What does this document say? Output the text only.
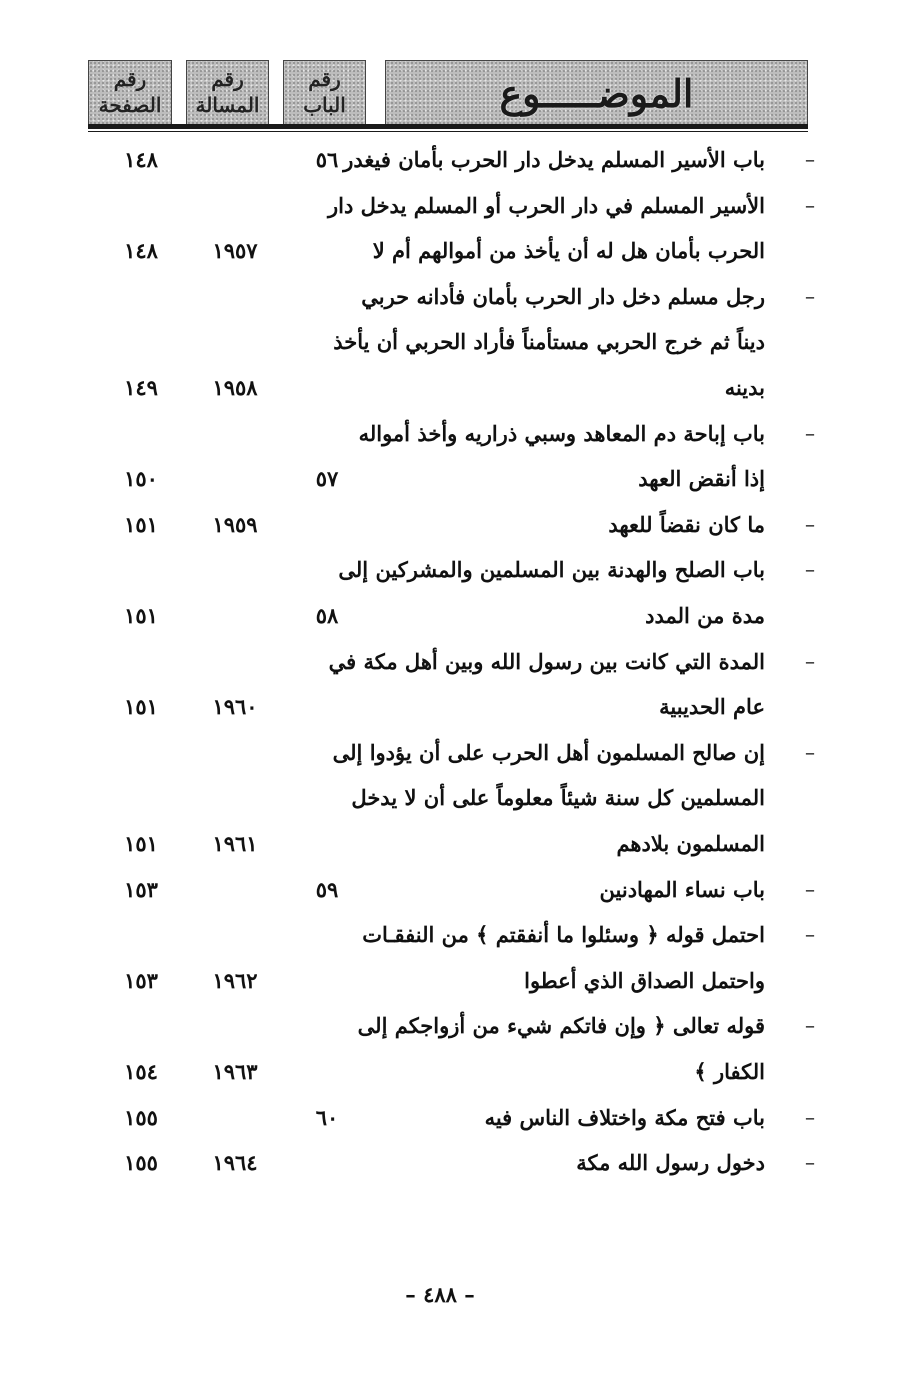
الموضـــــوع
رقم
الباب
رقم
المسالة
رقم
الصفحة
–
باب الأسير المسلم يدخل دار الحرب بأمان فيغدر
٥٦
١٤٨
–
الأسير المسلم في دار الحرب أو المسلم يدخل دار
الحرب بأمان هل له أن يأخذ من أموالهم أم لا
١٩٥٧
١٤٨
–
رجل مسلم دخل دار الحرب بأمان فأدانه حربي
ديناً ثم خرج الحربي مستأمناً فأراد الحربي أن يأخذ
بدينه
١٩٥٨
١٤٩
–
باب إباحة دم المعاهد وسبي ذراريه وأخذ أمواله
إذا أنقض العهد
٥٧
١٥٠
–
ما كان نقضاً للعهد
١٩٥٩
١٥١
–
باب الصلح والهدنة بين المسلمين والمشركين إلى
مدة من المدد
٥٨
١٥١
–
المدة التي كانت بين رسول الله وبين أهل مكة في
عام الحديبية
١٩٦٠
١٥١
–
إن صالح المسلمون أهل الحرب على أن يؤدوا إلى
المسلمين كل سنة شيئاً معلوماً على أن لا يدخل
المسلمون بلادهم
١٩٦١
١٥١
–
باب نساء المهادنين
٥٩
١٥٣
–
احتمل قوله ﴿ وسئلوا ما أنفقتم ﴾ من النفقـات
واحتمل الصداق الذي أعطوا
١٩٦٢
١٥٣
–
قوله تعالى ﴿ وإن فاتكم شيء من أزواجكم إلى
الكفار ﴾
١٩٦٣
١٥٤
–
باب فتح مكة واختلاف الناس فيه
٦٠
١٥٥
–
دخول رسول الله مكة
١٩٦٤
١٥٥
– ٤٨٨ –
